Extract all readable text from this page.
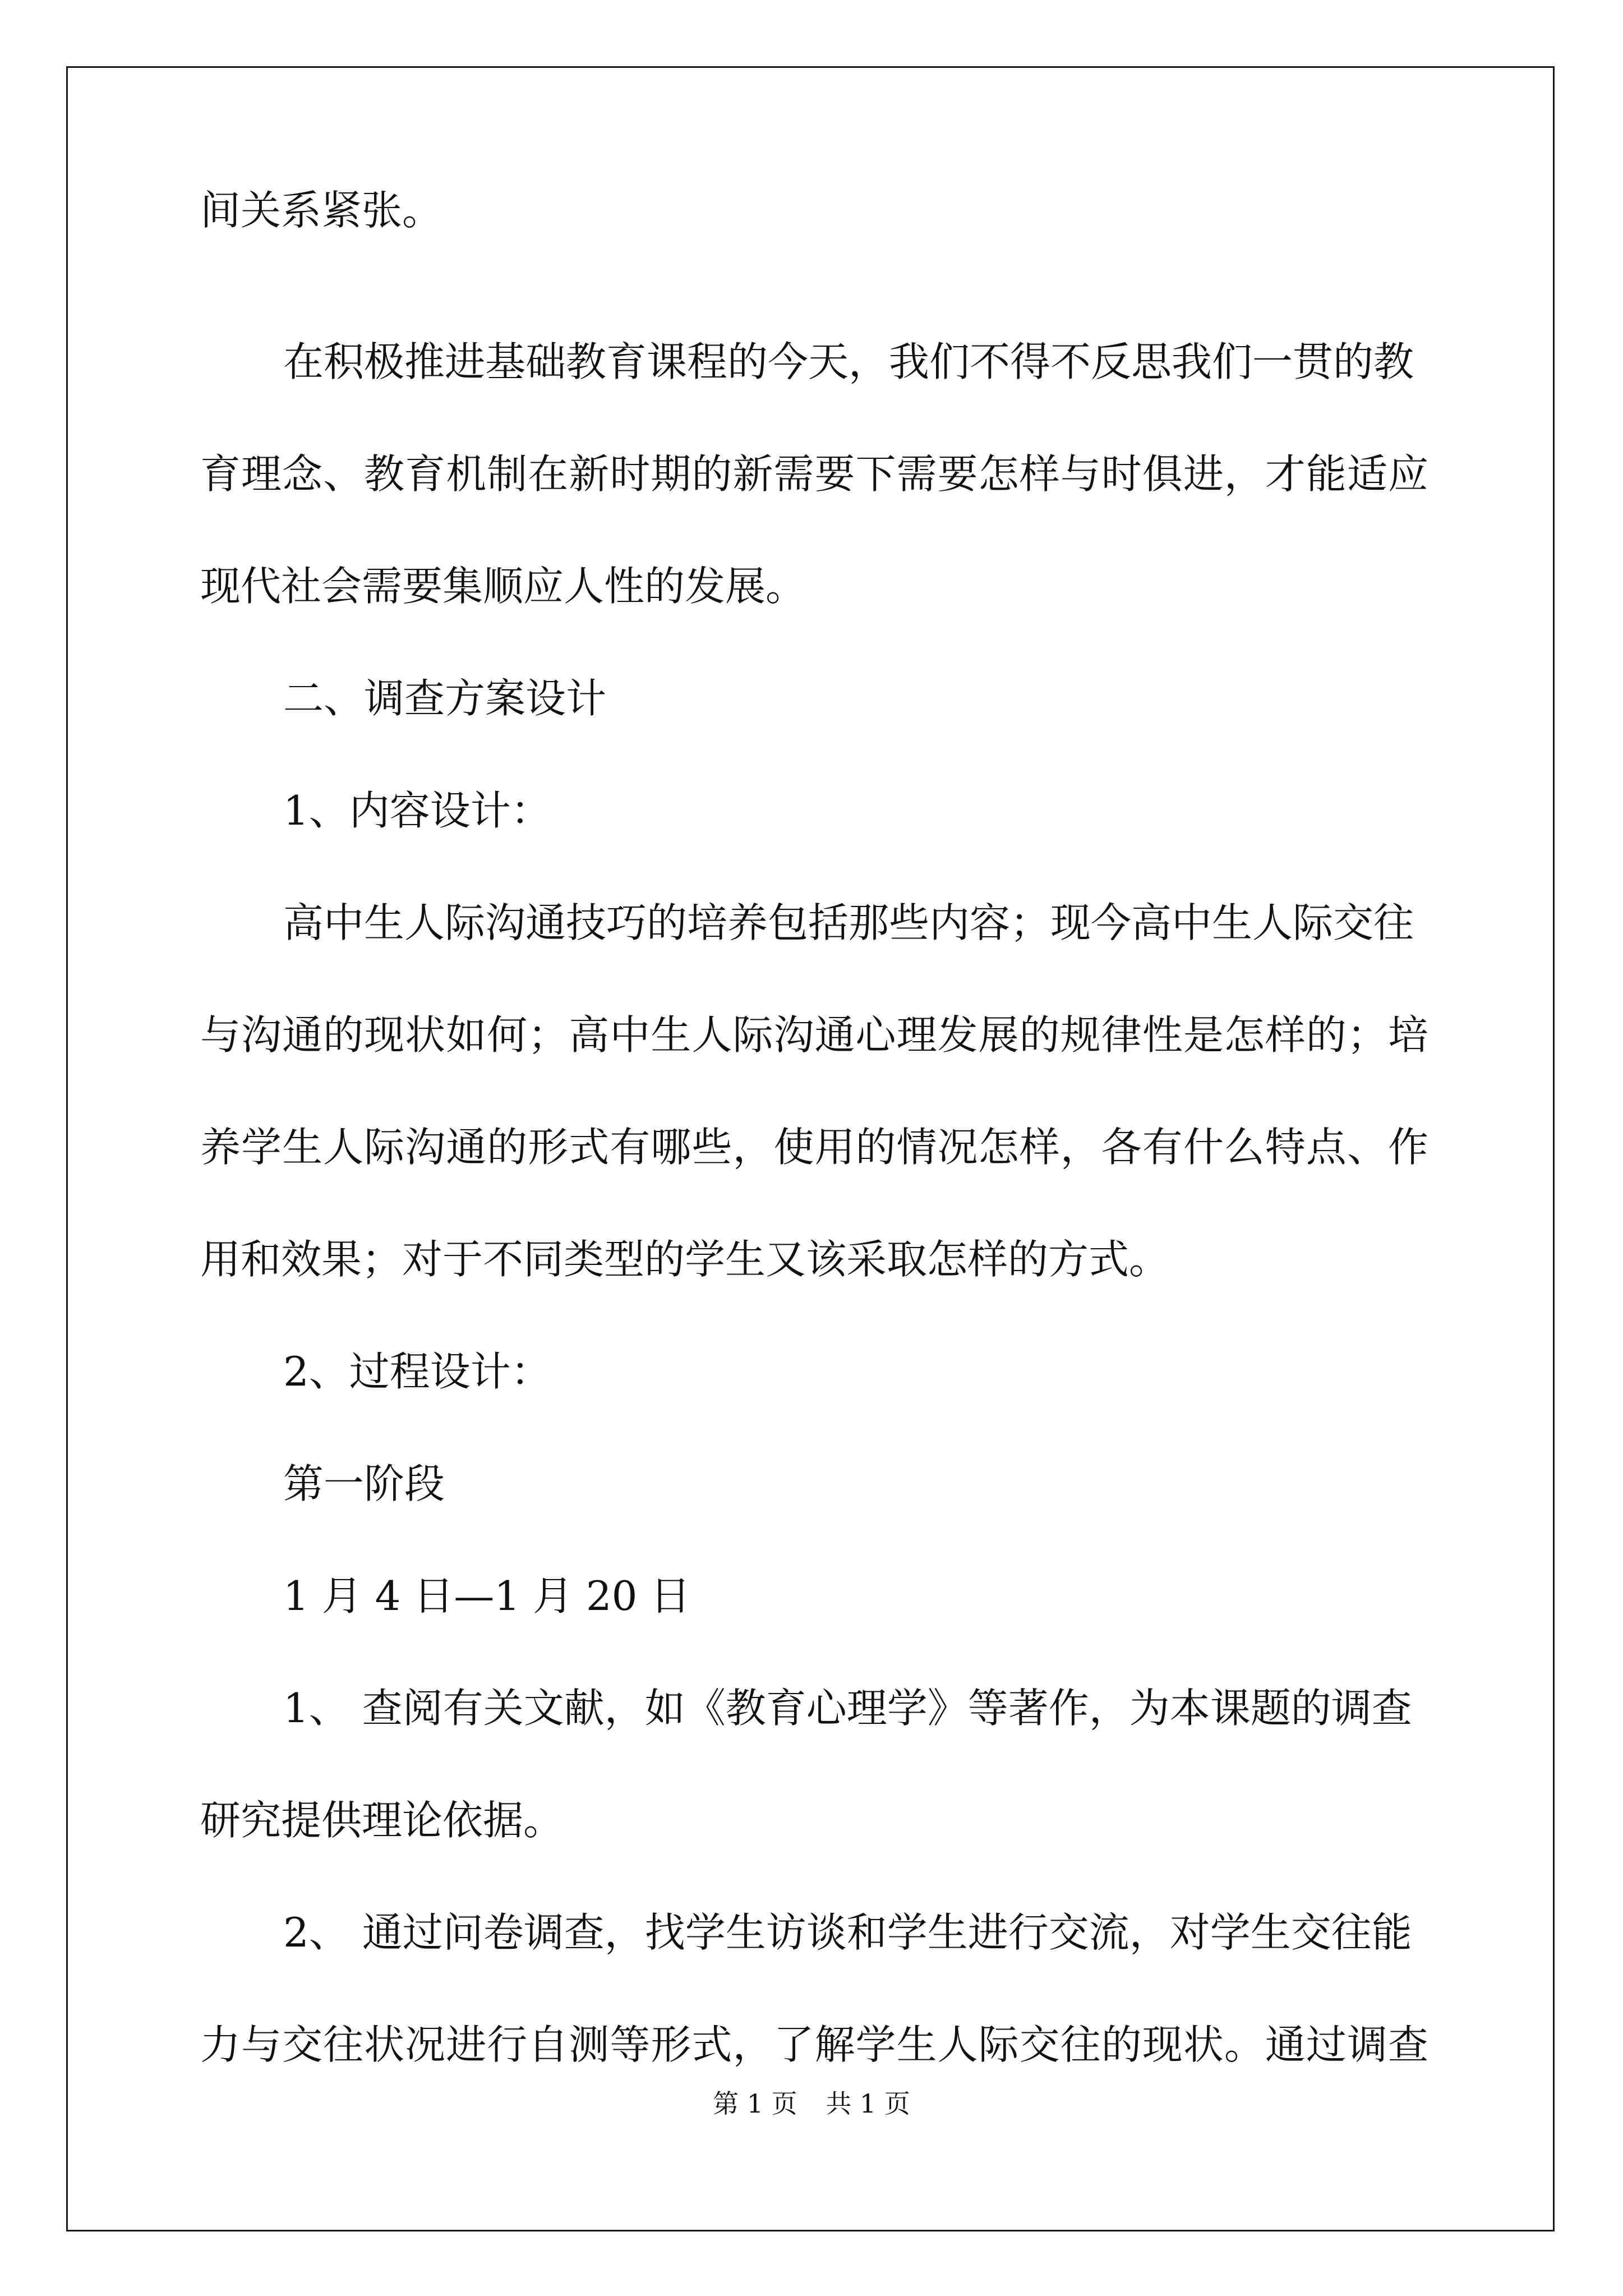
间关系紧张。
在积极推进基础教育课程的今天，我们不得不反思我们一贯的教
育理念、教育机制在新时期的新需要下需要怎样与时俱进，才能适应
现代社会需要集顺应人性的发展。
二、调查方案设计
1、内容设计：
高中生人际沟通技巧的培养包括那些内容；现今高中生人际交往
与沟通的现状如何；高中生人际沟通心理发展的规律性是怎样的；培
养学生人际沟通的形式有哪些，使用的情况怎样，各有什么特点、作
用和效果；对于不同类型的学生又该采取怎样的方式。
2、过程设计：
第一阶段
1 月 4 日—1 月 20 日
1、 查阅有关文献，如《教育心理学》等著作，为本课题的调查
研究提供理论依据。
2、 通过问卷调查，找学生访谈和学生进行交流，对学生交往能
力与交往状况进行自测等形式，了解学生人际交往的现状。通过调查
第 1 页 共 1 页
